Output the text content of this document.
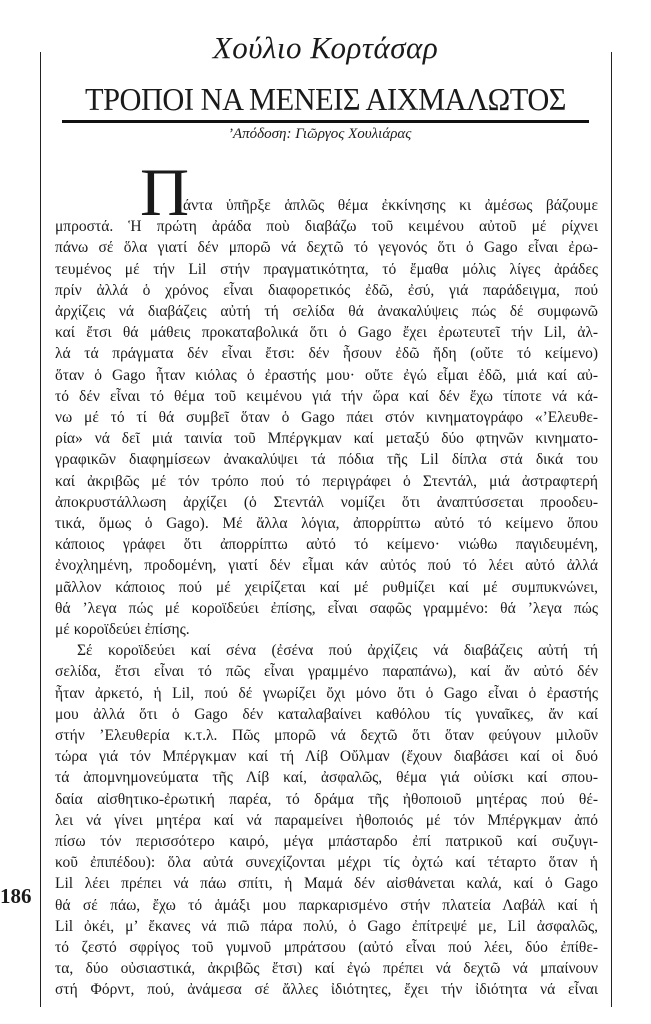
Χούλιο Κορτάσαρ
ΤΡΟΠΟΙ ΝΑ ΜΕΝΕΙΣ ΑΙΧΜΑΛΩΤΟΣ
’Απόδοση: Γιῶργος Χουλιάρας
Π
άντα ὑπῆρξε ἁπλῶς θέμα ἐκκίνησης κι ἀμέσως βάζουμε
μπροστά. Ἡ πρώτη ἀράδα ποὺ διαβάζω τοῦ κειμένου αὐτοῦ μέ ρίχνει
πάνω σέ ὅλα γιατί δέν μπορῶ νά δεχτῶ τό γεγονός ὅτι ὁ Gago εἶναι ἐρω-
τευμένος μέ τήν Lil στήν πραγματικότητα, τό ἔμαθα μόλις λίγες ἀράδες
πρίν ἀλλά ὁ χρόνος εἶναι διαφορετικός ἐδῶ, ἐσύ, γιά παράδειγμα, πού
ἀρχίζεις νά διαβάζεις αὐτή τή σελίδα θά ἀνακαλύψεις πώς δέ συμφωνῶ
καί ἔτσι θά μάθεις προκαταβολικά ὅτι ὁ Gago ἔχει ἐρωτευτεῖ τήν Lil, ἀλ-
λά τά πράγματα δέν εἶναι ἔτσι: δέν ἦσουν ἐδῶ ἤδη (οὔτε τό κείμενο)
ὅταν ὁ Gago ἦταν κιόλας ὁ ἐραστής μου· οὔτε ἐγώ εἶμαι ἐδῶ, μιά καί αὐ-
τό δέν εἶναι τό θέμα τοῦ κειμένου γιά τήν ὥρα καί δέν ἔχω τίποτε νά κά-
νω μέ τό τί θά συμβεῖ ὅταν ὁ Gago πάει στόν κινηματογράφο «’Ελευθε-
ρία» νά δεῖ μιά ταινία τοῦ Μπέργκμαν καί μεταξύ δύο φτηνῶν κινηματο-
γραφικῶν διαφημίσεων ἀνακαλύψει τά πόδια τῆς Lil δίπλα στά δικά του
καί ἀκριβῶς μέ τόν τρόπο πού τό περιγράφει ὁ Στεντάλ, μιά ἀστραφτερή
ἀποκρυστάλλωση ἀρχίζει (ὁ Στεντάλ νομίζει ὅτι ἀναπτύσσεται προοδευ-
τικά, ὅμως ὁ Gago). Μέ ἄλλα λόγια, ἀπορρίπτω αὐτό τό κείμενο ὅπου
κάποιος γράφει ὅτι ἀπορρίπτω αὐτό τό κείμενο· νιώθω παγιδευμένη,
ἐνοχλημένη, προδομένη, γιατί δέν εἶμαι κάν αὐτός πού τό λέει αὐτό ἀλλά
μᾶλλον κάποιος πού μέ χειρίζεται καί μέ ρυθμίζει καί μέ συμπυκνώνει,
θά ’λεγα πώς μέ κοροϊδεύει ἐπίσης, εἶναι σαφῶς γραμμένο: θά ’λεγα πώς
μέ κοροϊδεύει ἐπίσης.
Σέ κοροϊδεύει καί σένα (ἐσένα πού ἀρχίζεις νά διαβάζεις αὐτή τή
σελίδα, ἔτσι εἶναι τό πῶς εἶναι γραμμένο παραπάνω), καί ἄν αὐτό δέν
ἦταν ἀρκετό, ἡ Lil, πού δέ γνωρίζει ὄχι μόνο ὅτι ὁ Gago εἶναι ὁ ἐραστής
μου ἀλλά ὅτι ὁ Gago δέν καταλαβαίνει καθόλου τίς γυναῖκες, ἄν καί
στήν ’Ελευθερία κ.τ.λ. Πῶς μπορῶ νά δεχτῶ ὅτι ὅταν φεύγουν μιλοῦν
τώρα γιά τόν Μπέργκμαν καί τή Λίβ Οὔλμαν (ἔχουν διαβάσει καί οἱ δυό
τά ἀπομνημονεύματα τῆς Λίβ καί, ἀσφαλῶς, θέμα γιά οὐίσκι καί σπου-
δαία αἰσθητικο-ἐρωτική παρέα, τό δράμα τῆς ἠθοποιοῦ μητέρας πού θέ-
λει νά γίνει μητέρα καί νά παραμείνει ἠθοποιός μέ τόν Μπέργκμαν ἀπό
πίσω τόν περισσότερο καιρό, μέγα μπάσταρδο ἐπί πατρικοῦ καί συζυγι-
κοῦ ἐπιπέδου): ὅλα αὐτά συνεχίζονται μέχρι τίς ὀχτώ καί τέταρτο ὅταν ἡ
Lil λέει πρέπει νά πάω σπίτι, ἡ Μαμά δέν αἰσθάνεται καλά, καί ὁ Gago
θά σέ πάω, ἔχω τό ἁμάξι μου παρκαρισμένο στήν πλατεία Λαβάλ καί ἡ
Lil ὀκέι, μ’ ἔκανες νά πιῶ πάρα πολύ, ὁ Gago ἐπίτρεψέ με, Lil ἀσφαλῶς,
τό ζεστό σφρίγος τοῦ γυμνοῦ μπράτσου (αὐτό εἶναι πού λέει, δύο ἐπίθε-
τα, δύο οὐσιαστικά, ἀκριβῶς ἔτσι) καί ἐγώ πρέπει νά δεχτῶ νά μπαίνουν
στή Φόρντ, πού, ἀνάμεσα σέ ἄλλες ἰδιότητες, ἔχει τήν ἰδιότητα νά εἶναι
186
